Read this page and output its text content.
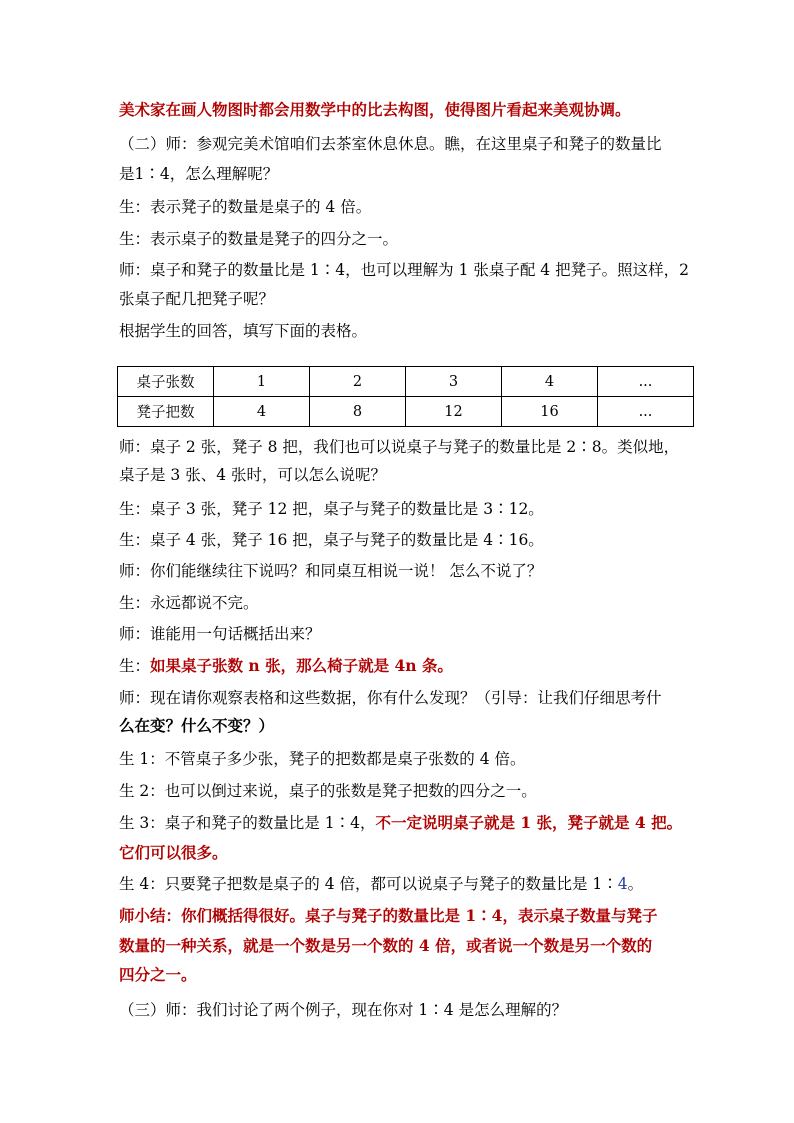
美术家在画人物图时都会用数学中的比去构图，使得图片看起来美观协调。
（二）师：参观完美术馆咱们去茶室休息休息。瞧，在这里桌子和凳子的数量比
是1∶4，怎么理解呢？
生：表示凳子的数量是桌子的 4 倍。
生：表示桌子的数量是凳子的四分之一。
师：桌子和凳子的数量比是 1∶4，也可以理解为 1 张桌子配 4 把凳子。照这样，2
张桌子配几把凳子呢？
根据学生的回答，填写下面的表格。
桌子张数	1	2	3	4	...
凳子把数	4	8	12	16	...
师：桌子 2 张，凳子 8 把，我们也可以说桌子与凳子的数量比是 2∶8。类似地，
桌子是 3 张、4 张时，可以怎么说呢？
生：桌子 3 张，凳子 12 把，桌子与凳子的数量比是 3∶12。
生：桌子 4 张，凳子 16 把，桌子与凳子的数量比是 4∶16。
师：你们能继续往下说吗？和同桌互相说一说！ 怎么不说了？
生：永远都说不完。
师：谁能用一句话概括出来？
生：如果桌子张数 n 张，那么椅子就是 4n 条。
师：现在请你观察表格和这些数据，你有什么发现？（引导：让我们仔细思考什
么在变？什么不变？）
生 1：不管桌子多少张，凳子的把数都是桌子张数的 4 倍。
生 2：也可以倒过来说，桌子的张数是凳子把数的四分之一。
生 3：桌子和凳子的数量比是 1∶4，不一定说明桌子就是 1 张，凳子就是 4 把。
它们可以很多。
生 4：只要凳子把数是桌子的 4 倍，都可以说桌子与凳子的数量比是 1∶4。
师小结：你们概括得很好。桌子与凳子的数量比是 1∶4，表示桌子数量与凳子
数量的一种关系，就是一个数是另一个数的 4 倍，或者说一个数是另一个数的
四分之一。
（三）师：我们讨论了两个例子，现在你对 1∶4 是怎么理解的？
